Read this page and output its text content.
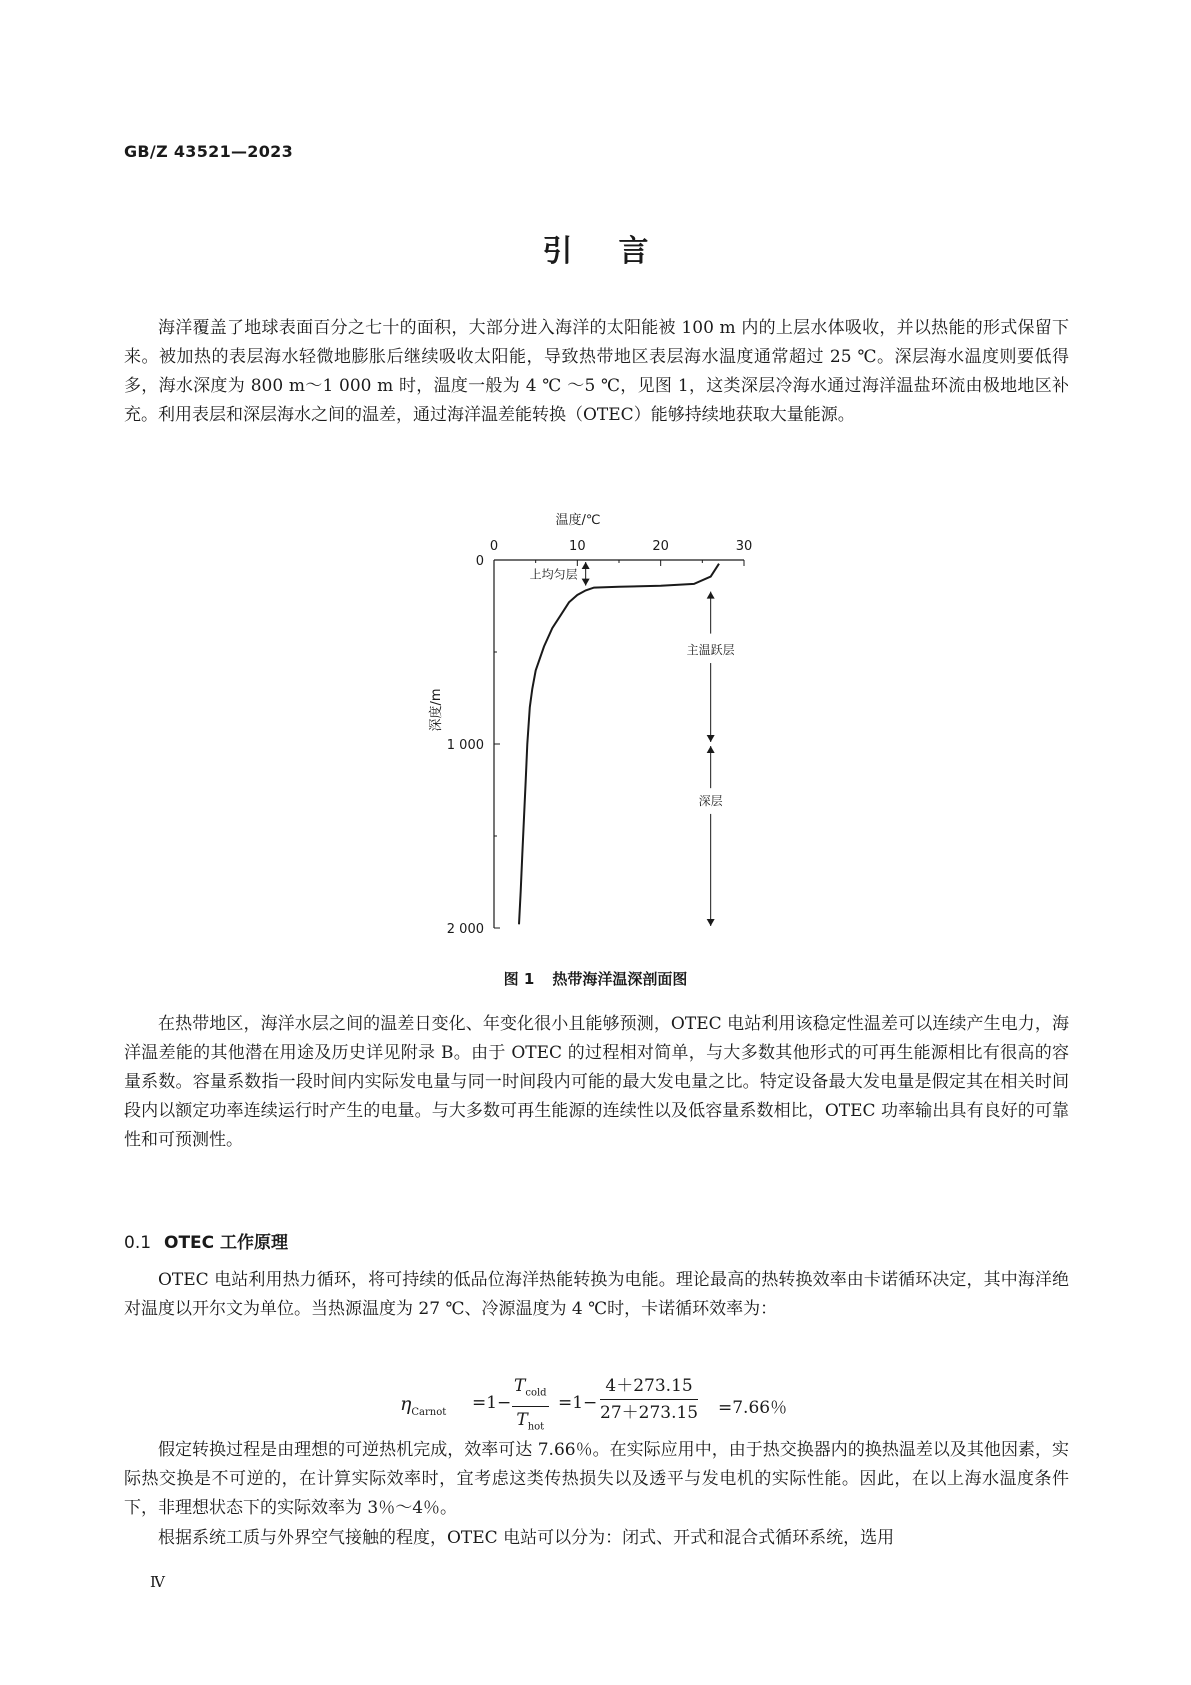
GB/Z 43521—2023
引言

海洋覆盖了地球表面百分之七十的面积，大部分进入海洋的太阳能被 100 m 内的上层水体吸收，并以热能的形式保留下来。被加热的表层海水轻微地膨胀后继续吸收太阳能，导致热带地区表层海水温度通常超过 25 ℃。深层海水温度则要低得多，海水深度为 800 m～1 000 m 时，温度一般为 4 ℃ ～5 ℃，见图 1，这类深层冷海水通过海洋温盐环流由极地地区补充。利用表层和深层海水之间的温差，通过海洋温差能转换（OTEC）能够持续地获取大量能源。

温度/℃
0	10	20	30
0
1 000
2 000
深度/m
上均匀层
主温跃层
深层
图 1 热带海洋温深剖面图

在热带地区，海洋水层之间的温差日变化、年变化很小且能够预测，OTEC 电站利用该稳定性温差可以连续产生电力，海洋温差能的其他潜在用途及历史详见附录 B。由于 OTEC 的过程相对简单，与大多数其他形式的可再生能源相比有很高的容量系数。容量系数指一段时间内实际发电量与同一时间段内可能的最大发电量之比。特定设备最大发电量是假定其在相关时间段内以额定功率连续运行时产生的电量。与大多数可再生能源的连续性以及低容量系数相比，OTEC 功率输出具有良好的可靠性和可预测性。

0.1 OTEC 工作原理

OTEC 电站利用热力循环，将可持续的低品位海洋热能转换为电能。理论最高的热转换效率由卡诺循环决定，其中海洋绝对温度以开尔文为单位。当热源温度为 27 ℃、冷源温度为 4 ℃时，卡诺循环效率为：

$\eta_{Carnot} =1-$
$T_{cold}$
$T_{hot}$
$=1- \frac{4+273.15}{27+273.15} =7.66$％

假定转换过程是由理想的可逆热机完成，效率可达 7.66％。在实际应用中，由于热交换器内的换热温差以及其他因素，实际热交换是不可逆的，在计算实际效率时，宜考虑这类传热损失以及透平与发电机的实际性能。因此，在以上海水温度条件下，非理想状态下的实际效率为 3％～4％。

根据系统工质与外界空气接触的程度，OTEC 电站可以分为：闭式、开式和混合式循环系统，选用

Ⅳ
